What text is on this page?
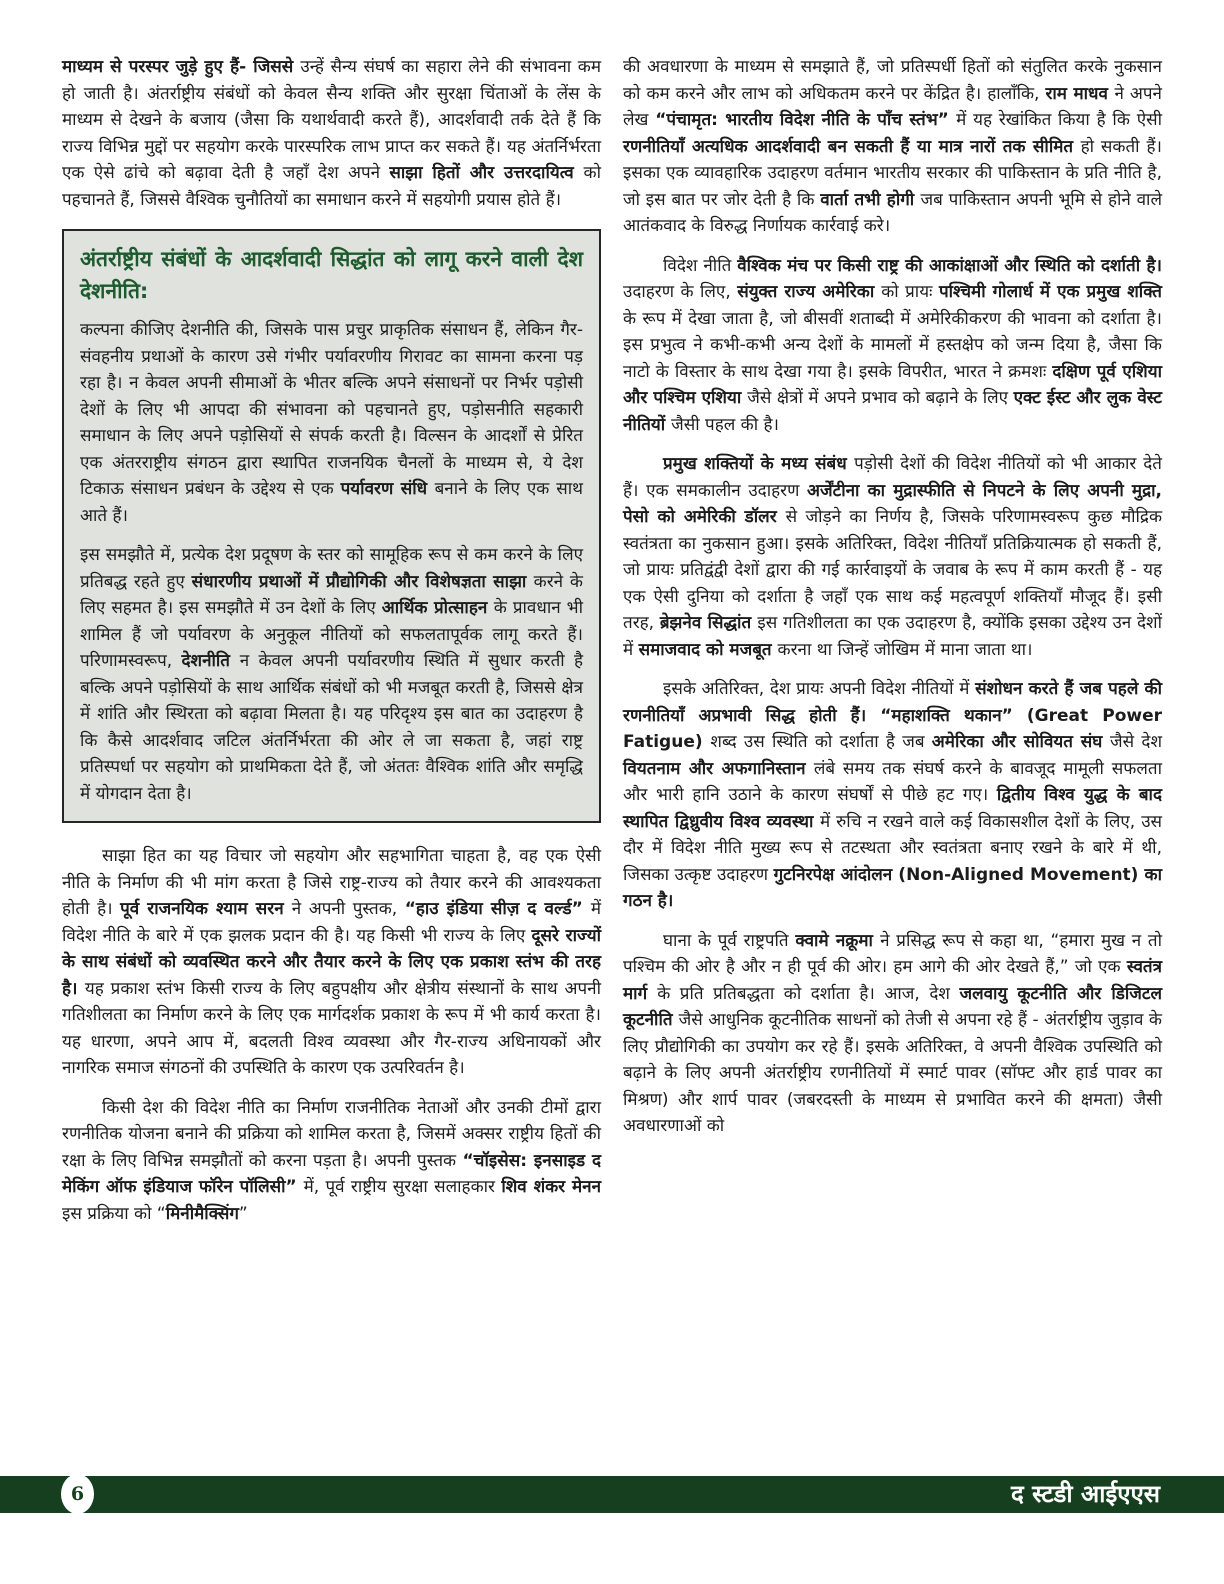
माध्यम से परस्पर जुड़े हुए हैं- जिससे उन्हें सैन्य संघर्ष का सहारा लेने की संभावना कम हो जाती है। अंतर्राष्ट्रीय संबंधों को केवल सैन्य शक्ति और सुरक्षा चिंताओं के लेंस के माध्यम से देखने के बजाय (जैसा कि यथार्थवादी करते हैं), आदर्शवादी तर्क देते हैं कि राज्य विभिन्न मुद्दों पर सहयोग करके पारस्परिक लाभ प्राप्त कर सकते हैं। यह अंतर्निर्भरता एक ऐसे ढांचे को बढ़ावा देती है जहाँ देश अपने साझा हितों और उत्तरदायित्व को पहचानते हैं, जिससे वैश्विक चुनौतियों का समाधान करने में सहयोगी प्रयास होते हैं।

अंतर्राष्ट्रीय संबंधों के आदर्शवादी सिद्धांत को लागू करने वाली देश देशनीति:

कल्पना कीजिए देशनीति की, जिसके पास प्रचुर प्राकृतिक संसाधन हैं, लेकिन गैर-संवहनीय प्रथाओं के कारण उसे गंभीर पर्यावरणीय गिरावट का सामना करना पड़ रहा है। न केवल अपनी सीमाओं के भीतर बल्कि अपने संसाधनों पर निर्भर पड़ोसी देशों के लिए भी आपदा की संभावना को पहचानते हुए, पड़ोसनीति सहकारी समाधान के लिए अपने पड़ोसियों से संपर्क करती है। विल्सन के आदर्शों से प्रेरित एक अंतरराष्ट्रीय संगठन द्वारा स्थापित राजनयिक चैनलों के माध्यम से, ये देश टिकाऊ संसाधन प्रबंधन के उद्देश्य से एक पर्यावरण संधि बनाने के लिए एक साथ आते हैं।

इस समझौते में, प्रत्येक देश प्रदूषण के स्तर को सामूहिक रूप से कम करने के लिए प्रतिबद्ध रहते हुए संधारणीय प्रथाओं में प्रौद्योगिकी और विशेषज्ञता साझा करने के लिए सहमत है। इस समझौते में उन देशों के लिए आर्थिक प्रोत्साहन के प्रावधान भी शामिल हैं जो पर्यावरण के अनुकूल नीतियों को सफलतापूर्वक लागू करते हैं। परिणामस्वरूप, देशनीति न केवल अपनी पर्यावरणीय स्थिति में सुधार करती है बल्कि अपने पड़ोसियों के साथ आर्थिक संबंधों को भी मजबूत करती है, जिससे क्षेत्र में शांति और स्थिरता को बढ़ावा मिलता है। यह परिदृश्य इस बात का उदाहरण है कि कैसे आदर्शवाद जटिल अंतर्निर्भरता की ओर ले जा सकता है, जहां राष्ट्र प्रतिस्पर्धा पर सहयोग को प्राथमिकता देते हैं, जो अंततः वैश्विक शांति और समृद्धि में योगदान देता है।

साझा हित का यह विचार जो सहयोग और सहभागिता चाहता है, वह एक ऐसी नीति के निर्माण की भी मांग करता है जिसे राष्ट्र-राज्य को तैयार करने की आवश्यकता होती है। पूर्व राजनयिक श्याम सरन ने अपनी पुस्तक, “हाउ इंडिया सीज़ द वर्ल्ड” में विदेश नीति के बारे में एक झलक प्रदान की है। यह किसी भी राज्य के लिए दूसरे राज्यों के साथ संबंधों को व्यवस्थित करने और तैयार करने के लिए एक प्रकाश स्तंभ की तरह है। यह प्रकाश स्तंभ किसी राज्य के लिए बहुपक्षीय और क्षेत्रीय संस्थानों के साथ अपनी गतिशीलता का निर्माण करने के लिए एक मार्गदर्शक प्रकाश के रूप में भी कार्य करता है। यह धारणा, अपने आप में, बदलती विश्व व्यवस्था और गैर-राज्य अधिनायकों और नागरिक समाज संगठनों की उपस्थिति के कारण एक उत्परिवर्तन है।

किसी देश की विदेश नीति का निर्माण राजनीतिक नेताओं और उनकी टीमों द्वारा रणनीतिक योजना बनाने की प्रक्रिया को शामिल करता है, जिसमें अक्सर राष्ट्रीय हितों की रक्षा के लिए विभिन्न समझौतों को करना पड़ता है। अपनी पुस्तक “चॉइसेस: इनसाइड द मेकिंग ऑफ इंडियाज फॉरेन पॉलिसी” में, पूर्व राष्ट्रीय सुरक्षा सलाहकार शिव शंकर मेनन इस प्रक्रिया को “मिनीमैक्सिंग”

की अवधारणा के माध्यम से समझाते हैं, जो प्रतिस्पर्धी हितों को संतुलित करके नुकसान को कम करने और लाभ को अधिकतम करने पर केंद्रित है। हालाँकि, राम माधव ने अपने लेख “पंचामृत: भारतीय विदेश नीति के पाँच स्तंभ” में यह रेखांकित किया है कि ऐसी रणनीतियाँ अत्यधिक आदर्शवादी बन सकती हैं या मात्र नारों तक सीमित हो सकती हैं। इसका एक व्यावहारिक उदाहरण वर्तमान भारतीय सरकार की पाकिस्तान के प्रति नीति है, जो इस बात पर जोर देती है कि वार्ता तभी होगी जब पाकिस्तान अपनी भूमि से होने वाले आतंकवाद के विरुद्ध निर्णायक कार्रवाई करे।

विदेश नीति वैश्विक मंच पर किसी राष्ट्र की आकांक्षाओं और स्थिति को दर्शाती है। उदाहरण के लिए, संयुक्त राज्य अमेरिका को प्रायः पश्चिमी गोलार्ध में एक प्रमुख शक्ति के रूप में देखा जाता है, जो बीसवीं शताब्दी में अमेरिकीकरण की भावना को दर्शाता है। इस प्रभुत्व ने कभी-कभी अन्य देशों के मामलों में हस्तक्षेप को जन्म दिया है, जैसा कि नाटो के विस्तार के साथ देखा गया है। इसके विपरीत, भारत ने क्रमशः दक्षिण पूर्व एशिया और पश्चिम एशिया जैसे क्षेत्रों में अपने प्रभाव को बढ़ाने के लिए एक्ट ईस्ट और लुक वेस्ट नीतियों जैसी पहल की है।

प्रमुख शक्तियों के मध्य संबंध पड़ोसी देशों की विदेश नीतियों को भी आकार देते हैं। एक समकालीन उदाहरण अर्जेंटीना का मुद्रास्फीति से निपटने के लिए अपनी मुद्रा, पेसो को अमेरिकी डॉलर से जोड़ने का निर्णय है, जिसके परिणामस्वरूप कुछ मौद्रिक स्वतंत्रता का नुकसान हुआ। इसके अतिरिक्त, विदेश नीतियाँ प्रतिक्रियात्मक हो सकती हैं, जो प्रायः प्रतिद्वंद्वी देशों द्वारा की गई कार्रवाइयों के जवाब के रूप में काम करती हैं - यह एक ऐसी दुनिया को दर्शाता है जहाँ एक साथ कई महत्वपूर्ण शक्तियाँ मौजूद हैं। इसी तरह, ब्रेझनेव सिद्धांत इस गतिशीलता का एक उदाहरण है, क्योंकि इसका उद्देश्य उन देशों में समाजवाद को मजबूत करना था जिन्हें जोखिम में माना जाता था।

इसके अतिरिक्त, देश प्रायः अपनी विदेश नीतियों में संशोधन करते हैं जब पहले की रणनीतियाँ अप्रभावी सिद्ध होती हैं। “महाशक्ति थकान” (Great Power Fatigue) शब्द उस स्थिति को दर्शाता है जब अमेरिका और सोवियत संघ जैसे देश वियतनाम और अफगानिस्तान लंबे समय तक संघर्ष करने के बावजूद मामूली सफलता और भारी हानि उठाने के कारण संघर्षों से पीछे हट गए। द्वितीय विश्व युद्ध के बाद स्थापित द्विध्रुवीय विश्व व्यवस्था में रुचि न रखने वाले कई विकासशील देशों के लिए, उस दौर में विदेश नीति मुख्य रूप से तटस्थता और स्वतंत्रता बनाए रखने के बारे में थी, जिसका उत्कृष्ट उदाहरण गुटनिरपेक्ष आंदोलन (Non-Aligned Movement) का गठन है।

घाना के पूर्व राष्ट्रपति क्वामे नक्रूमा ने प्रसिद्ध रूप से कहा था, “हमारा मुख न तो पश्चिम की ओर है और न ही पूर्व की ओर। हम आगे की ओर देखते हैं,” जो एक स्वतंत्र मार्ग के प्रति प्रतिबद्धता को दर्शाता है। आज, देश जलवायु कूटनीति और डिजिटल कूटनीति जैसे आधुनिक कूटनीतिक साधनों को तेजी से अपना रहे हैं - अंतर्राष्ट्रीय जुड़ाव के लिए प्रौद्योगिकी का उपयोग कर रहे हैं। इसके अतिरिक्त, वे अपनी वैश्विक उपस्थिति को बढ़ाने के लिए अपनी अंतर्राष्ट्रीय रणनीतियों में स्मार्ट पावर (सॉफ्ट और हार्ड पावर का मिश्रण) और शार्प पावर (जबरदस्ती के माध्यम से प्रभावित करने की क्षमता) जैसी अवधारणाओं को

द स्टडी आईएएस
6
